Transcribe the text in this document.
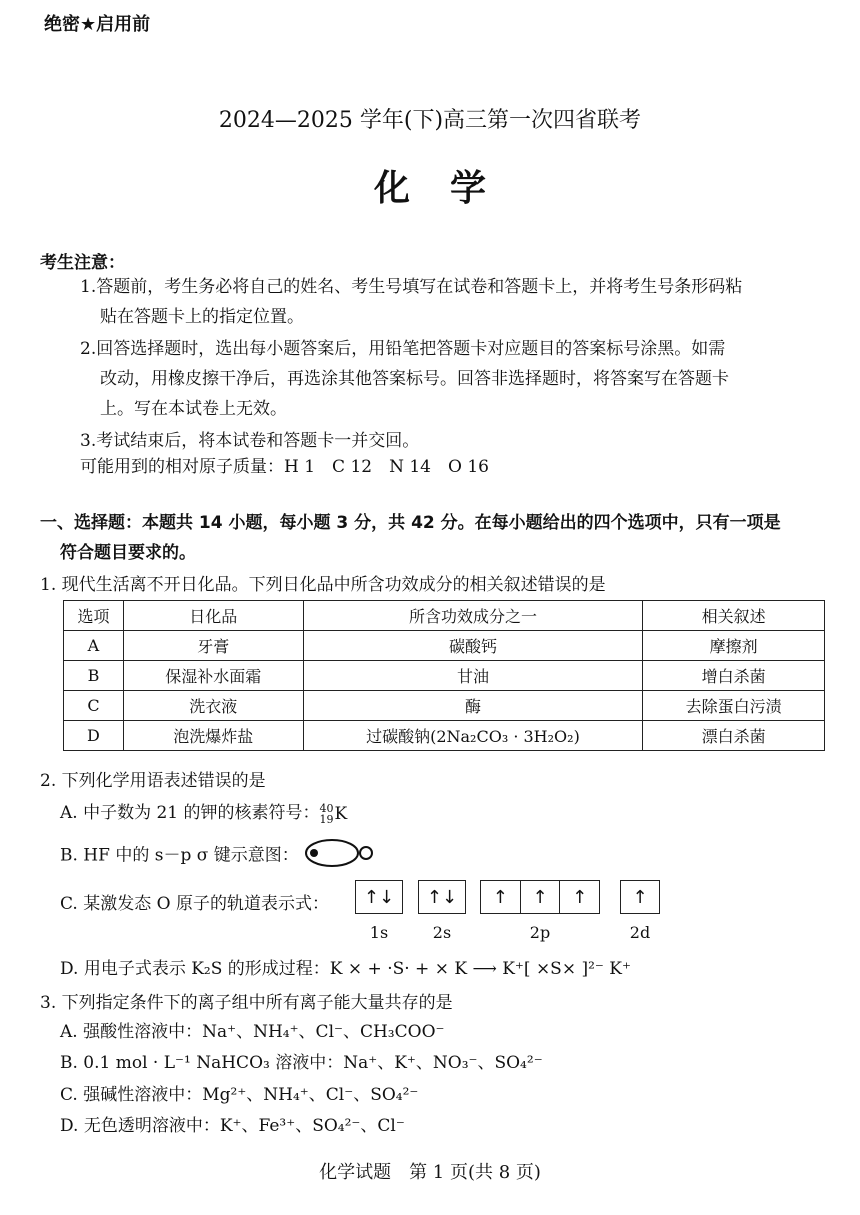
绝密★启用前
2024—2025 学年(下)高三第一次四省联考
化学
考生注意：
1.答题前，考生务必将自己的姓名、考生号填写在试卷和答题卡上，并将考生号条形码粘
贴在答题卡上的指定位置。
2.回答选择题时，选出每小题答案后，用铅笔把答题卡对应题目的答案标号涂黑。如需
改动，用橡皮擦干净后，再选涂其他答案标号。回答非选择题时，将答案写在答题卡
上。写在本试卷上无效。
3.考试结束后，将本试卷和答题卡一并交回。
可能用到的相对原子质量：H 1　C 12　N 14　O 16
一、选择题：本题共 14 小题，每小题 3 分，共 42 分。在每小题给出的四个选项中，只有一项是
符合题目要求的。
1. 现代生活离不开日化品。下列日化品中所含功效成分的相关叙述错误的是
选项	日化品	所含功效成分之一	相关叙述
A	牙膏	碳酸钙	摩擦剂
B	保湿补水面霜	甘油	增白杀菌
C	洗衣液	酶	去除蛋白污渍
D	泡洗爆炸盐	过碳酸钠(2Na₂CO₃ · 3H₂O₂)	漂白杀菌
2. 下列化学用语表述错误的是
A. 中子数为 21 的钾的核素符号： 40
19 K
B. HF 中的 s－p σ 键示意图：
C. 某激发态 O 原子的轨道表示式：	↑↓	↑↓	↑	↑	↑	↑
1s	2s	2p	2d
D. 用电子式表示 K₂S 的形成过程：K × + ·S· + × K ⟶ K⁺[ ×S× ]²⁻ K⁺
3. 下列指定条件下的离子组中所有离子能大量共存的是
A. 强酸性溶液中：Na⁺、NH₄⁺、Cl⁻、CH₃COO⁻
B. 0.1 mol · L⁻¹ NaHCO₃ 溶液中：Na⁺、K⁺、NO₃⁻、SO₄²⁻
C. 强碱性溶液中：Mg²⁺、NH₄⁺、Cl⁻、SO₄²⁻
D. 无色透明溶液中：K⁺、Fe³⁺、SO₄²⁻、Cl⁻
化学试题　第 1 页(共 8 页)
